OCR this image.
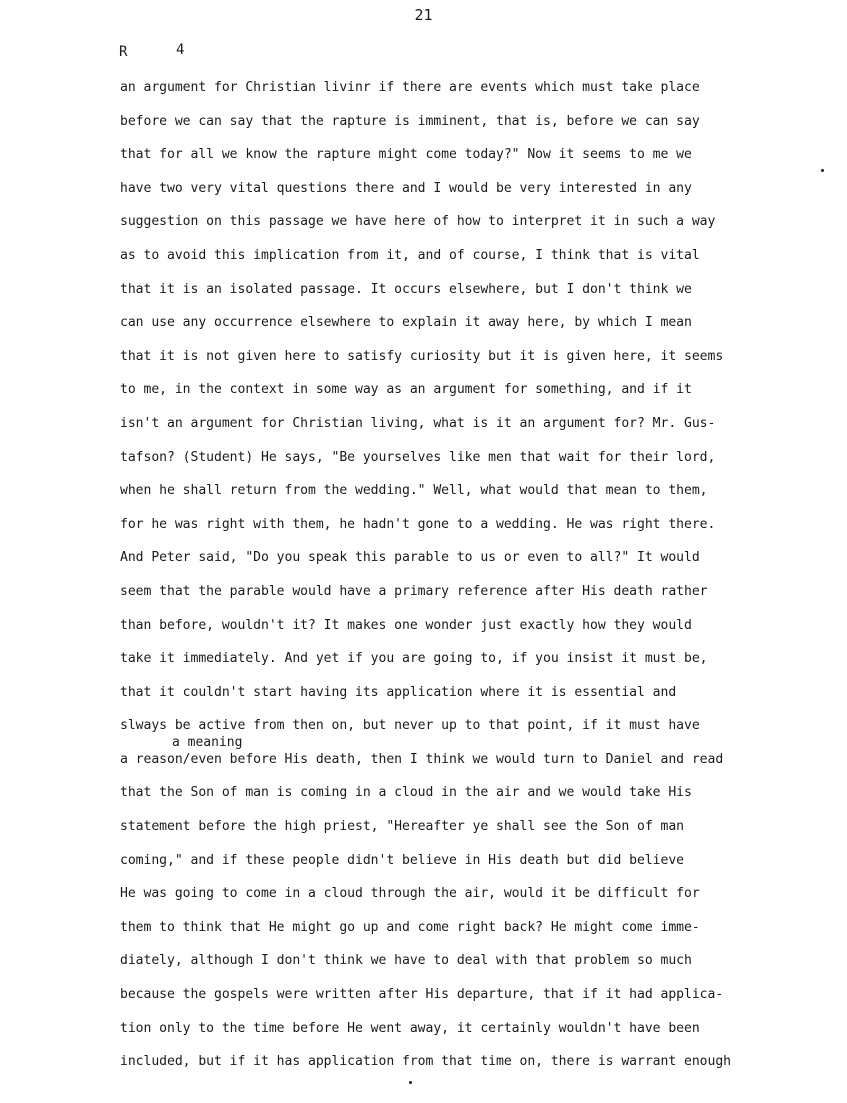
21
R	4
an argument for Christian livinr if there are events which must take place
before we can say that the rapture is imminent, that is, before we can say
that for all we know the rapture might come today?" Now it seems to me we
have two very vital questions there and I would be very interested in any
suggestion on this passage we have here of how to interpret it in such a way
as to avoid this implication from it, and of course, I think that is vital
that it is an isolated passage. It occurs elsewhere, but I don't think we
can use any occurrence elsewhere to explain it away here, by which I mean
that it is not given here to satisfy curiosity but it is given here, it seems
to me, in the context in some way as an argument for something, and if it
isn't an argument for Christian living, what is it an argument for? Mr. Gus-
tafson? (Student) He says, "Be yourselves like men that wait for their lord,
when he shall return from the wedding." Well, what would that mean to them,
for he was right with them, he hadn't gone to a wedding. He was right there.
And Peter said, "Do you speak this parable to us or even to all?" It would
seem that the parable would have a primary reference after His death rather
than before, wouldn't it? It makes one wonder just exactly how they would
take it immediately. And yet if you are going to, if you insist it must be,
that it couldn't start having its application where it is essential and
slways be active from then on, but never up to that point, if it must have
a reason/even before His death, then I think we would turn to Daniel and read
that the Son of man is coming in a cloud in the air and we would take His
statement before the high priest, "Hereafter ye shall see the Son of man
coming," and if these people didn't believe in His death but did believe
He was going to come in a cloud through the air, would it be difficult for
them to think that He might go up and come right back? He might come imme-
diately, although I don't think we have to deal with that problem so much
because the gospels were written after His departure, that if it had applica-
tion only to the time before He went away, it certainly wouldn't have been
included, but if it has application from that time on, there is warrant enough
a meaning
